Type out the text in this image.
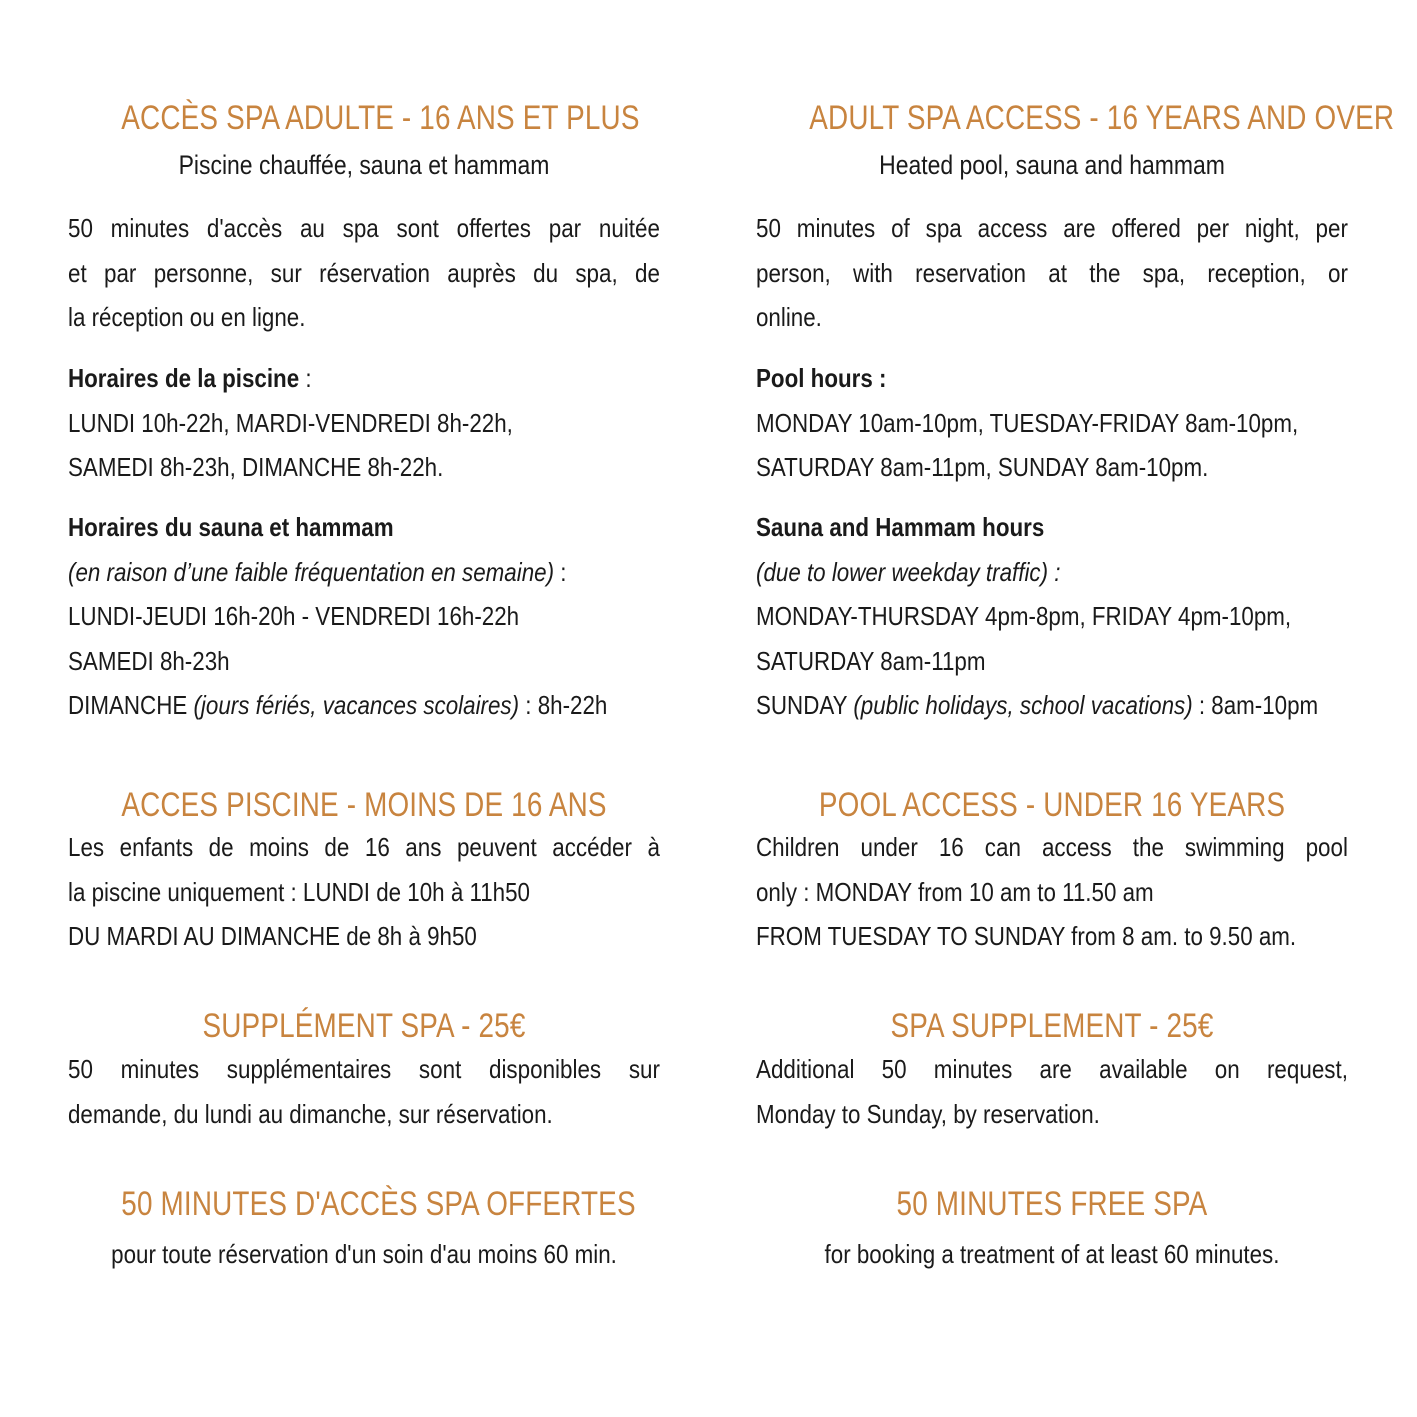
ACCÈS SPA ADULTE - 16 ANS ET PLUS
Piscine chauffée, sauna et hammam
50 minutes d'accès au spa sont offertes par nuitée
et par personne, sur réservation auprès du spa, de
la réception ou en ligne.
Horaires de la piscine :
LUNDI 10h-22h, MARDI-VENDREDI 8h-22h,
SAMEDI 8h-23h, DIMANCHE 8h-22h.
Horaires du sauna et hammam
(en raison d’une faible fréquentation en semaine) :
LUNDI-JEUDI 16h-20h - VENDREDI 16h-22h
SAMEDI 8h-23h
DIMANCHE (jours fériés, vacances scolaires) : 8h-22h
ACCES PISCINE - MOINS DE 16 ANS
Les enfants de moins de 16 ans peuvent accéder à
la piscine uniquement : LUNDI de 10h à 11h50
DU MARDI AU DIMANCHE de 8h à 9h50
SUPPLÉMENT SPA - 25€
50 minutes supplémentaires sont disponibles sur
demande, du lundi au dimanche, sur réservation.
50 MINUTES D'ACCÈS SPA OFFERTES
pour toute réservation d'un soin d'au moins 60 min.
ADULT SPA ACCESS - 16 YEARS AND OVER
Heated pool, sauna and hammam
50 minutes of spa access are offered per night, per
person, with reservation at the spa, reception, or
online.
Pool hours :
MONDAY 10am-10pm, TUESDAY-FRIDAY 8am-10pm,
SATURDAY 8am-11pm, SUNDAY 8am-10pm.
Sauna and Hammam hours
(due to lower weekday traffic) :
MONDAY-THURSDAY 4pm-8pm, FRIDAY 4pm-10pm,
SATURDAY 8am-11pm
SUNDAY (public holidays, school vacations) : 8am-10pm
POOL ACCESS - UNDER 16 YEARS
Children under 16 can access the swimming pool
only : MONDAY from 10 am to 11.50 am
FROM TUESDAY TO SUNDAY from 8 am. to 9.50 am.
SPA SUPPLEMENT - 25€
Additional 50 minutes are available on request,
Monday to Sunday, by reservation.
50 MINUTES FREE SPA
for booking a treatment of at least 60 minutes.
